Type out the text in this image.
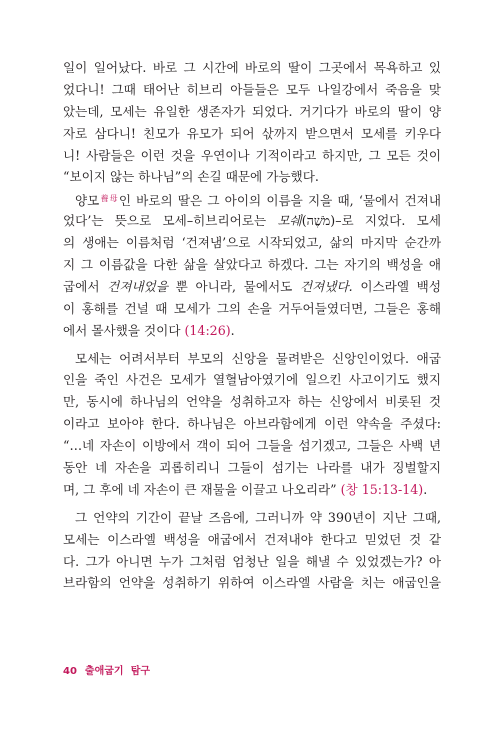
일이 일어났다. 바로 그 시간에 바로의 딸이 그곳에서 목욕하고 있
었다니! 그때 태어난 히브리 아들들은 모두 나일강에서 죽음을 맞
았는데, 모세는 유일한 생존자가 되었다. 거기다가 바로의 딸이 양
자로 삼다니! 친모가 유모가 되어 삯까지 받으면서 모세를 키우다
니! 사람들은 이런 것을 우연이나 기적이라고 하지만, 그 모든 것이
“보이지 않는 하나님”의 손길 때문에 가능했다.
양모$^{養母}$인 바로의 딸은 그 아이의 이름을 지을 때, ‘물에서 건져내
었다’는 뜻으로 모세–히브리어로는 모쉐(מֹשֶׁה)–로 지었다. 모세
의 생애는 이름처럼 ‘건져냄’으로 시작되었고, 삶의 마지막 순간까
지 그 이름값을 다한 삶을 살았다고 하겠다. 그는 자기의 백성을 애
굽에서 건져내었을 뿐 아니라, 물에서도 건져냈다. 이스라엘 백성
이 홍해를 건널 때 모세가 그의 손을 거두어들였더면, 그들은 홍해
에서 몰사했을 것이다 (14:26).
모세는 어려서부터 부모의 신앙을 물려받은 신앙인이었다. 애굽
인을 죽인 사건은 모세가 열혈남아였기에 일으킨 사고이기도 했지
만, 동시에 하나님의 언약을 성취하고자 하는 신앙에서 비롯된 것
이라고 보아야 한다. 하나님은 아브라함에게 이런 약속을 주셨다:
“…네 자손이 이방에서 객이 되어 그들을 섬기겠고, 그들은 사백 년
동안 네 자손을 괴롭히리니 그들이 섬기는 나라를 내가 징벌할지
며, 그 후에 네 자손이 큰 재물을 이끌고 나오리라” (창 15:13-14).
그 언약의 기간이 끝날 즈음에, 그러니까 약 390년이 지난 그때,
모세는 이스라엘 백성을 애굽에서 건져내야 한다고 믿었던 것 같
다. 그가 아니면 누가 그처럼 엄청난 일을 해낼 수 있었겠는가? 아
브라함의 언약을 성취하기 위하여 이스라엘 사람을 치는 애굽인을
40 출애굽기 탐구
